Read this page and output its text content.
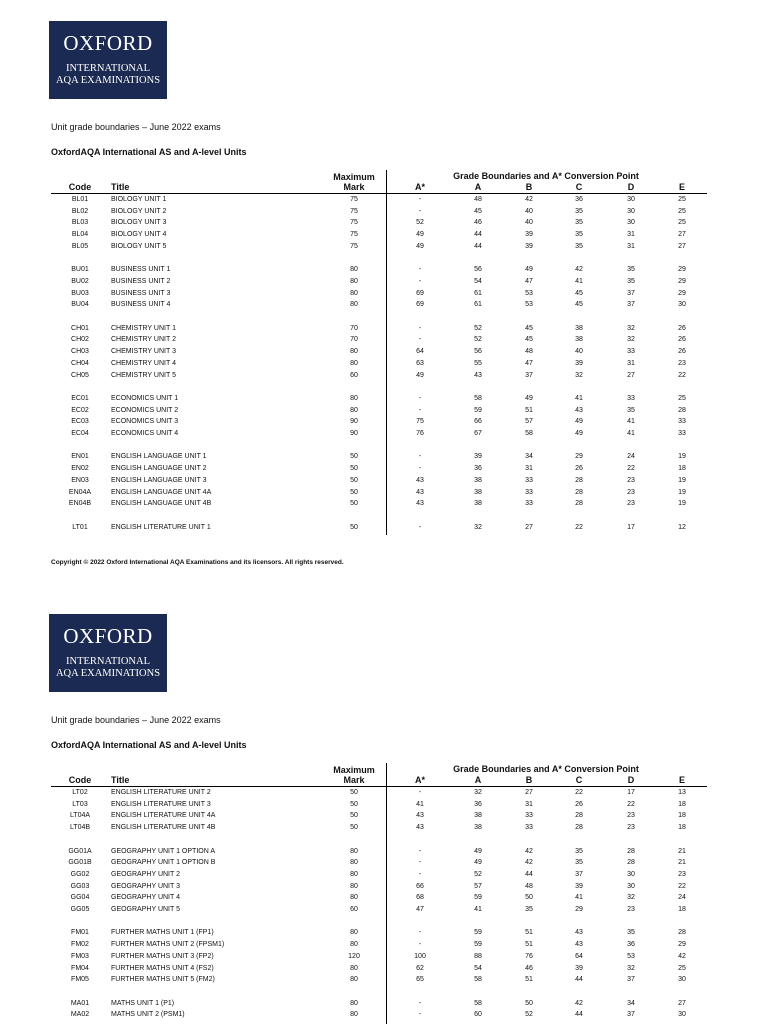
OXFORD
INTERNATIONAL
AQA EXAMINATIONS
Unit grade boundaries – June 2022 exams
OxfordAQA International AS and A-level Units
Maximum
Mark
Grade Boundaries and A* Conversion Point
Code	Title	A*	A	B	C	D	E
BL01	BIOLOGY UNIT 1	75	-	48	42	36	30	25
BL02	BIOLOGY UNIT 2	75	-	45	40	35	30	25
BL03	BIOLOGY UNIT 3	75	52	46	40	35	30	25
BL04	BIOLOGY UNIT 4	75	49	44	39	35	31	27
BL05	BIOLOGY UNIT 5	75	49	44	39	35	31	27
BU01	BUSINESS UNIT 1	80	-	56	49	42	35	29
BU02	BUSINESS UNIT 2	80	-	54	47	41	35	29
BU03	BUSINESS UNIT 3	80	69	61	53	45	37	29
BU04	BUSINESS UNIT 4	80	69	61	53	45	37	30
CH01	CHEMISTRY UNIT 1	70	-	52	45	38	32	26
CH02	CHEMISTRY UNIT 2	70	-	52	45	38	32	26
CH03	CHEMISTRY UNIT 3	80	64	56	48	40	33	26
CH04	CHEMISTRY UNIT 4	80	63	55	47	39	31	23
CH05	CHEMISTRY UNIT 5	60	49	43	37	32	27	22
EC01	ECONOMICS UNIT 1	80	-	58	49	41	33	25
EC02	ECONOMICS UNIT 2	80	-	59	51	43	35	28
EC03	ECONOMICS UNIT 3	90	75	66	57	49	41	33
EC04	ECONOMICS UNIT 4	90	76	67	58	49	41	33
EN01	ENGLISH LANGUAGE UNIT 1	50	-	39	34	29	24	19
EN02	ENGLISH LANGUAGE UNIT 2	50	-	36	31	26	22	18
EN03	ENGLISH LANGUAGE UNIT 3	50	43	38	33	28	23	19
EN04A	ENGLISH LANGUAGE UNIT 4A	50	43	38	33	28	23	19
EN04B	ENGLISH LANGUAGE UNIT 4B	50	43	38	33	28	23	19
LT01	ENGLISH LITERATURE UNIT 1	50	-	32	27	22	17	12
Copyright © 2022 Oxford International AQA Examinations and its licensors. All rights reserved.
OXFORD
INTERNATIONAL
AQA EXAMINATIONS
Unit grade boundaries – June 2022 exams
OxfordAQA International AS and A-level Units
Maximum
Mark
Grade Boundaries and A* Conversion Point
Code	Title	A*	A	B	C	D	E
LT02	ENGLISH LITERATURE UNIT 2	50	-	32	27	22	17	13
LT03	ENGLISH LITERATURE UNIT 3	50	41	36	31	26	22	18
LT04A	ENGLISH LITERATURE UNIT 4A	50	43	38	33	28	23	18
LT04B	ENGLISH LITERATURE UNIT 4B	50	43	38	33	28	23	18
GG01A	GEOGRAPHY UNIT 1 OPTION A	80	-	49	42	35	28	21
GG01B	GEOGRAPHY UNIT 1 OPTION B	80	-	49	42	35	28	21
GG02	GEOGRAPHY UNIT 2	80	-	52	44	37	30	23
GG03	GEOGRAPHY UNIT 3	80	66	57	48	39	30	22
GG04	GEOGRAPHY UNIT 4	80	68	59	50	41	32	24
GG05	GEOGRAPHY UNIT 5	60	47	41	35	29	23	18
FM01	FURTHER MATHS UNIT 1 (FP1)	80	-	59	51	43	35	28
FM02	FURTHER MATHS UNIT 2 (FPSM1)	80	-	59	51	43	36	29
FM03	FURTHER MATHS UNIT 3 (FP2)	120	100	88	76	64	53	42
FM04	FURTHER MATHS UNIT 4 (FS2)	80	62	54	46	39	32	25
FM05	FURTHER MATHS UNIT 5 (FM2)	80	65	58	51	44	37	30
MA01	MATHS UNIT 1 (P1)	80	-	58	50	42	34	27
MA02	MATHS UNIT 2 (PSM1)	80	-	60	52	44	37	30
